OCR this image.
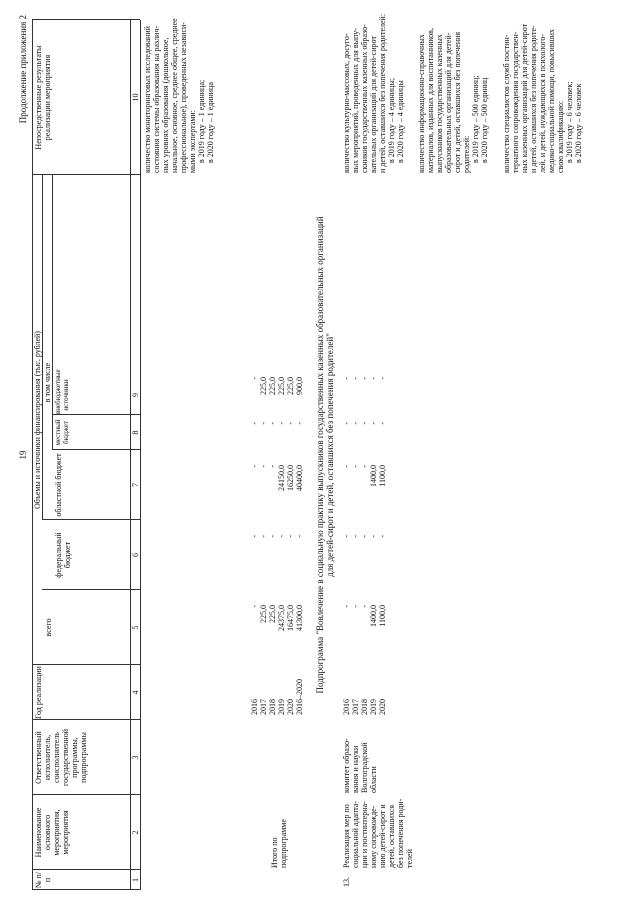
19
Продолжение приложения 2
№ п/п
Наименование основного мероприятия, мероприятия
Ответственный исполнитель, соисполнитель государственной программы, подпрограммы
Год реализации
Объемы и источники финансирования (тыс. рублей)
всего
в том числе
федеральный бюджет
областной бюджет
местный бюджет
внебюджетные источники
Непосредственные результаты реализации мероприятия
1
2
3
4
5
6
7
8
9
10
Итого по подпрограмме
2016 2017 2018 2019 2020 2016–2020
- 225,0 225,0 24375,0 16475,0 41300,0
- - - - - -
- - - 24150,0 16250,0 40400,0
- - - - - -
- 225,0 225,0 225,0 225,0 900,0
количество мониторинговых исследований состояния системы образования на различ- ных уровнях образования (дошкольное, начальное, основное, среднее общее, среднее профессиональное), проведенных независи- мыми экспертами: в 2019 году – 1 единица; в 2020 году – 1 единица
Подпрограмма "Вовлечение в социальную практику выпускников государственных казенных образовательных организаций для детей-сирот и детей, оставшихся без попечения родителей"
13.
Реализация мер по социальной адапта- ции и постинтерна- ному сопровожде- нию детей-сирот и детей, оставшихся без попечения роди- телей
комитет образо- вания и науки Волгоградской области
2016 2017 2018 2019 2020
- - - 1400,0 1100,0
- - - - -
- - - 1400,0 1100,0
- - - - -
- - - - -
количество культурно-массовых, досуго- вых мероприятий, проведенных для выпу- скников государственных казенных образо- вательных организаций для детей-сирот и детей, оставшихся без попечения родителей: в 2019 году – 4 единицы; в 2020 году – 4 единицы количество информационно-справочных материалов, изданных для воспитанников, выпускников государственных казенных образовательных организаций для детей- сирот и детей, оставшихся без попечения родителей: в 2019 году – 500 единиц; в 2020 году – 500 единиц количество специалистов служб постин- тернатного сопровождения государствен- ных казенных организаций для детей-сирот и детей, оставшихся без попечения родите- лей, и детей, нуждающихся в психолого- медико-социальной помощи, повысивших свою квалификацию: в 2019 году – 6 человек; в 2020 году – 6 человек
